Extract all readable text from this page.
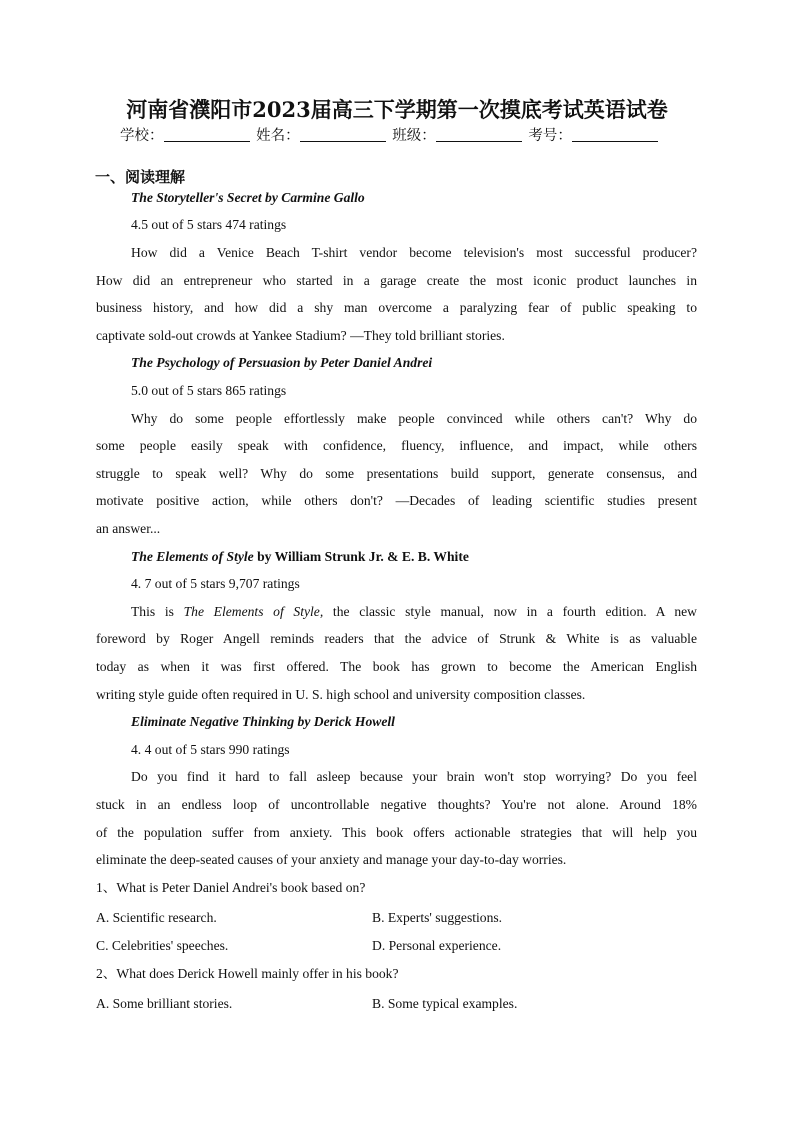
河南省濮阳市2023届高三下学期第一次摸底考试英语试卷
学校：	姓名：	班级：	考号：
一、阅读理解
The Storyteller's Secret by Carmine Gallo
4.5 out of 5 stars 474 ratings
How did a Venice Beach T-shirt vendor become television's most successful producer?
How did an entrepreneur who started in a garage create the most iconic product launches in
business history, and how did a shy man overcome a paralyzing fear of public speaking to
captivate sold-out crowds at Yankee Stadium? —They told brilliant stories.
The Psychology of Persuasion by Peter Daniel Andrei
5.0 out of 5 stars 865 ratings
Why do some people effortlessly make people convinced while others can't? Why do
some people easily speak with confidence, fluency, influence, and impact, while others
struggle to speak well? Why do some presentations build support, generate consensus, and
motivate positive action, while others don't? —Decades of leading scientific studies present
an answer...
The Elements of Style by William Strunk Jr. & E. B. White
4. 7 out of 5 stars 9,707 ratings
This is The Elements of Style, the classic style manual, now in a fourth edition. A new
foreword by Roger Angell reminds readers that the advice of Strunk & White is as valuable
today as when it was first offered. The book has grown to become the American English
writing style guide often required in U. S. high school and university composition classes.
Eliminate Negative Thinking by Derick Howell
4. 4 out of 5 stars 990 ratings
Do you find it hard to fall asleep because your brain won't stop worrying? Do you feel
stuck in an endless loop of uncontrollable negative thoughts? You're not alone. Around 18%
of the population suffer from anxiety. This book offers actionable strategies that will help you
eliminate the deep-seated causes of your anxiety and manage your day-to-day worries.
1、What is Peter Daniel Andrei's book based on?
A. Scientific research.	B. Experts' suggestions.
C. Celebrities' speeches.	D. Personal experience.
2、What does Derick Howell mainly offer in his book?
A. Some brilliant stories.	B. Some typical examples.
